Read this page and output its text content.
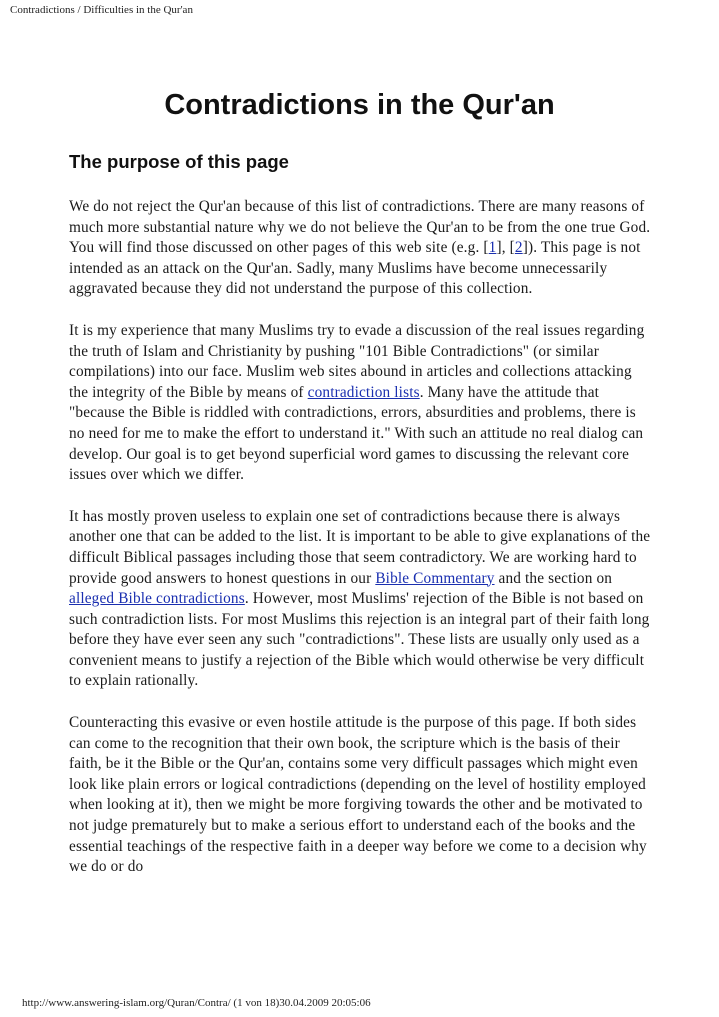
Contradictions / Difficulties in the Qur'an
Contradictions in the Qur'an
The purpose of this page

We do not reject the Qur'an because of this list of contradictions. There are many reasons of much more substantial nature why we do not believe the Qur'an to be from the one true God. You will find those discussed on other pages of this web site (e.g. [1], [2]). This page is not intended as an attack on the Qur'an. Sadly, many Muslims have become unnecessarily aggravated because they did not understand the purpose of this collection.

It is my experience that many Muslims try to evade a discussion of the real issues regarding the truth of Islam and Christianity by pushing "101 Bible Contradictions" (or similar compilations) into our face. Muslim web sites abound in articles and collections attacking the integrity of the Bible by means of contradiction lists. Many have the attitude that "because the Bible is riddled with contradictions, errors, absurdities and problems, there is no need for me to make the effort to understand it." With such an attitude no real dialog can develop. Our goal is to get beyond superficial word games to discussing the relevant core issues over which we differ.

It has mostly proven useless to explain one set of contradictions because there is always another one that can be added to the list. It is important to be able to give explanations of the difficult Biblical passages including those that seem contradictory. We are working hard to provide good answers to honest questions in our Bible Commentary and the section on alleged Bible contradictions. However, most Muslims' rejection of the Bible is not based on such contradiction lists. For most Muslims this rejection is an integral part of their faith long before they have ever seen any such "contradictions". These lists are usually only used as a convenient means to justify a rejection of the Bible which would otherwise be very difficult to explain rationally.

Counteracting this evasive or even hostile attitude is the purpose of this page. If both sides can come to the recognition that their own book, the scripture which is the basis of their faith, be it the Bible or the Qur'an, contains some very difficult passages which might even look like plain errors or logical contradictions (depending on the level of hostility employed when looking at it), then we might be more forgiving towards the other and be motivated to not judge prematurely but to make a serious effort to understand each of the books and the essential teachings of the respective faith in a deeper way before we come to a decision why we do or do

http://www.answering-islam.org/Quran/Contra/ (1 von 18)30.04.2009 20:05:06
